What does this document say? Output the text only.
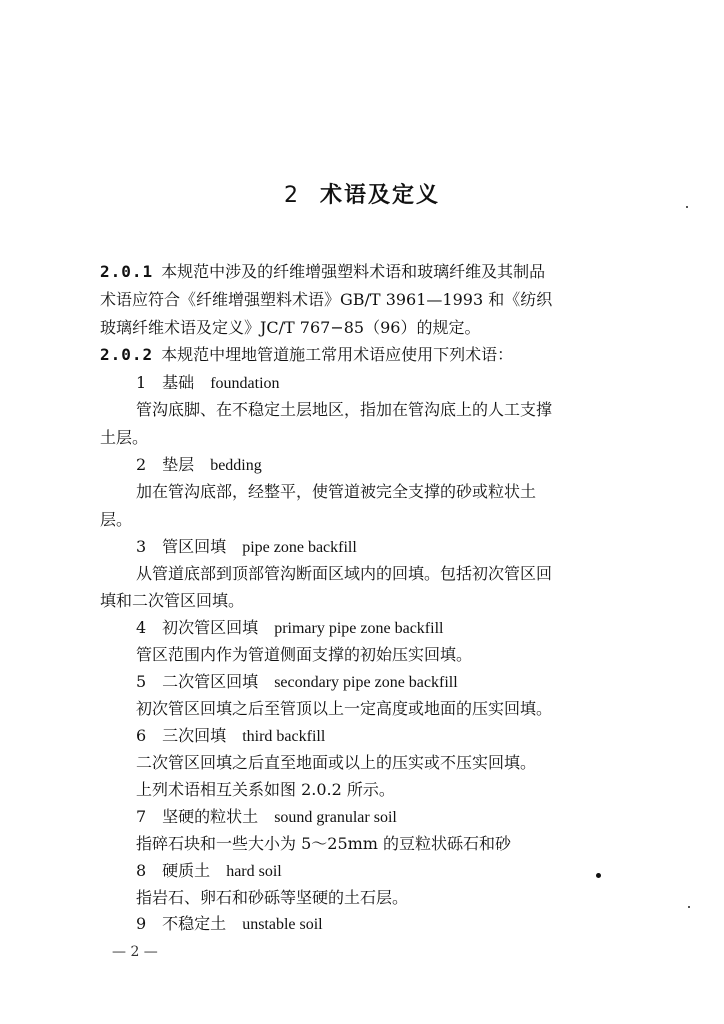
2 术语及定义
2.0.1 本规范中涉及的纤维增强塑料术语和玻璃纤维及其制品
术语应符合《纤维增强塑料术语》GB/T 3961—1993 和《纺织
玻璃纤维术语及定义》JC/T 767−85（96）的规定。
2.0.2 本规范中埋地管道施工常用术语应使用下列术语：
1　基础 foundation
管沟底脚、在不稳定土层地区，指加在管沟底上的人工支撑
土层。
2　垫层 bedding
加在管沟底部，经整平，使管道被完全支撑的砂或粒状土
层。
3　管区回填 pipe zone backfill
从管道底部到顶部管沟断面区域内的回填。包括初次管区回
填和二次管区回填。
4　初次管区回填 primary pipe zone backfill
管区范围内作为管道侧面支撑的初始压实回填。
5　二次管区回填 secondary pipe zone backfill
初次管区回填之后至管顶以上一定高度或地面的压实回填。
6　三次回填 third backfill
二次管区回填之后直至地面或以上的压实或不压实回填。
上列术语相互关系如图 2.0.2 所示。
7　坚硬的粒状土 sound granular soil
指碎石块和一些大小为 5～25mm 的豆粒状砾石和砂
8　硬质土 hard soil
指岩石、卵石和砂砾等坚硬的土石层。
9　不稳定土 unstable soil
— 2 —
